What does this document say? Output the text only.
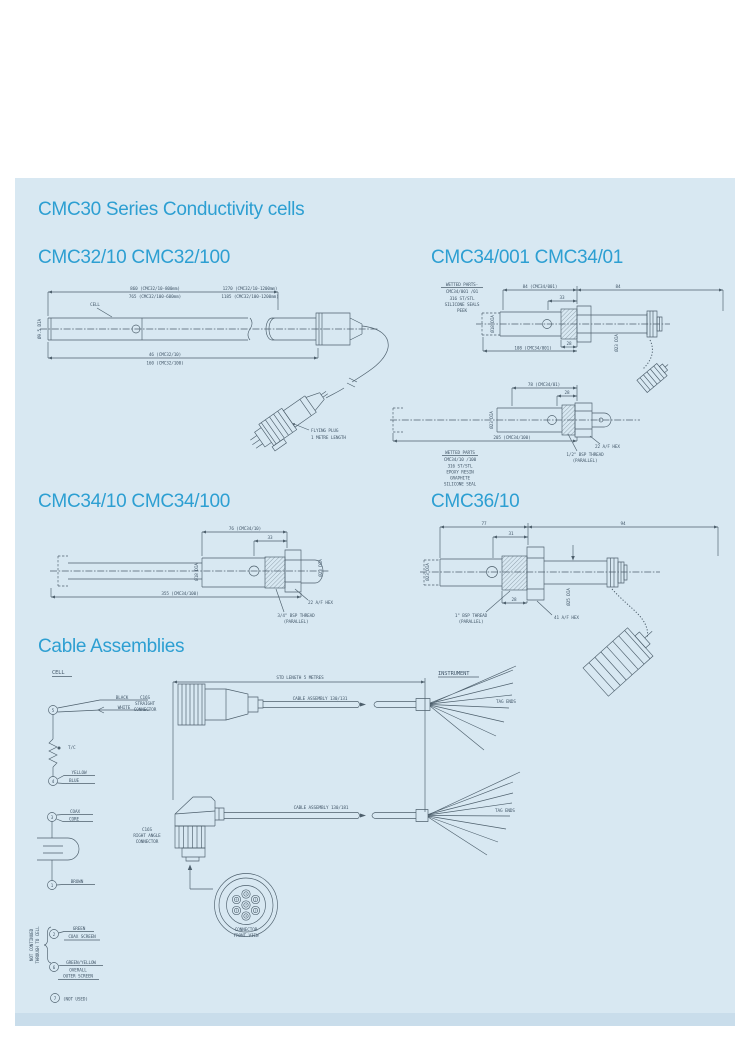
CMC30 Series Conductivity cells
CMC32/10 CMC32/100	CMC34/001 CMC34/01
CMC34/10 CMC34/100	CMC36/10
Cable Assemblies
CELL
FLYING PLUG
1 METRE LENGTH
860 (CMC32/10-800mm)
765 (CMC32/100-600mm)
1270 (CMC32/10-1200mm)
1185 (CMC32/100-1200mm)
46 (CMC32/10)
160 (CMC32/100)
Ø9.5 DIA
84 (CMC34/001)	84
33
28
108 (CMC34/001)
Ø18 DIA
Ø23 DIA
WETTED PARTS-
CMC34/001 /01
316 ST/STL
SILICONE SEALS
PEEK
78 (CMC34/01)
28
205 (CMC34/100)
22 A/F HEX
1/2" BSP THREAD
(PARALLEL)
Ø23 DIA
WETTED PARTS
CMC34/10 /100
316 ST/STL
EPOXY RESIN
GRAPHITE
SILICONE SEAL
76 (CMC34/10)
33
355 (CMC34/100)
22 A/F HEX
3/4" BSP THREAD
(PARALLEL)
Ø18 DIA	Ø23 DIA
77	94
31
28
Ø23 DIA
Ø25 DIA
1" BSP THREAD
(PARALLEL)
41 A/F HEX
CELL
5
BLACK
WHITE
T/C
4
YELLOW
BLUE
3
COAX
CORE
1
BROWN
NOT CONTINUED THROUGH TO CELL	2
GREEN
COAX SCREEN
6
GREEN/YELLOW
OVERALL
OUTER SCREEN
7 (NOT USED)
C16S
STRAIGHT
CONNECTOR
STD LENGTH 5 METRES
CABLE ASSEMBLY 130/131
INSTRUMENT
TAG ENDS
C16S
RIGHT ANGLE
CONNECTOR
CABLE ASSEMBLY 130/181
TAG ENDS
1
2
3
4
5
6
7
CONNECTOR
FRONT VIEW
